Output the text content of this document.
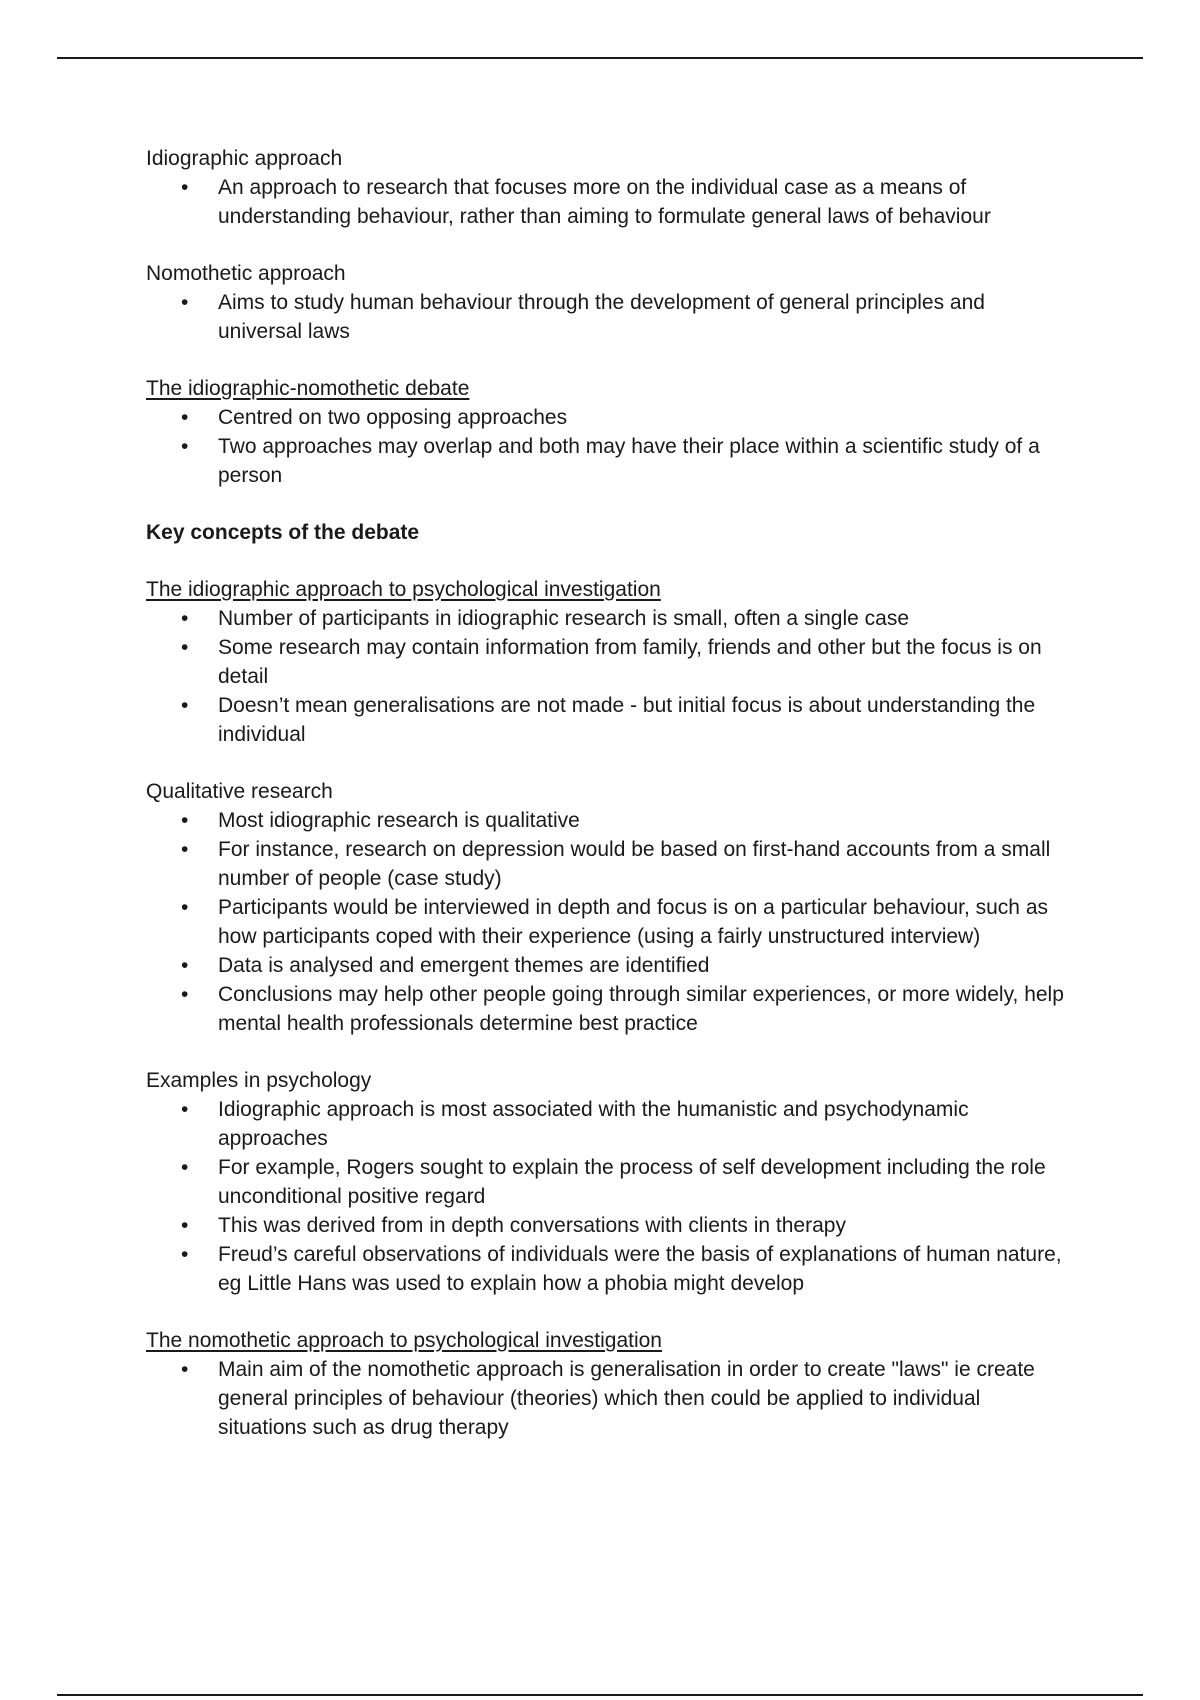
Idiographic approach

• An approach to research that focuses more on the individual case as a means of understanding behaviour, rather than aiming to formulate general laws of behaviour

Nomothetic approach

• Aims to study human behaviour through the development of general principles and universal laws

The idiographic-nomothetic debate

• Centred on two opposing approaches
• Two approaches may overlap and both may have their place within a scientific study of a person

Key concepts of the debate

The idiographic approach to psychological investigation

• Number of participants in idiographic research is small, often a single case
• Some research may contain information from family, friends and other but the focus is on detail
• Doesn’t mean generalisations are not made - but initial focus is about understanding the individual

Qualitative research

• Most idiographic research is qualitative
• For instance, research on depression would be based on first-hand accounts from a small number of people (case study)
• Participants would be interviewed in depth and focus is on a particular behaviour, such as how participants coped with their experience (using a fairly unstructured interview)
• Data is analysed and emergent themes are identified
• Conclusions may help other people going through similar experiences, or more widely, help mental health professionals determine best practice

Examples in psychology

• Idiographic approach is most associated with the humanistic and psychodynamic approaches
• For example, Rogers sought to explain the process of self development including the role unconditional positive regard
• This was derived from in depth conversations with clients in therapy
• Freud’s careful observations of individuals were the basis of explanations of human nature, eg Little Hans was used to explain how a phobia might develop

The nomothetic approach to psychological investigation

• Main aim of the nomothetic approach is generalisation in order to create "laws" ie create general principles of behaviour (theories) which then could be applied to individual situations such as drug therapy
